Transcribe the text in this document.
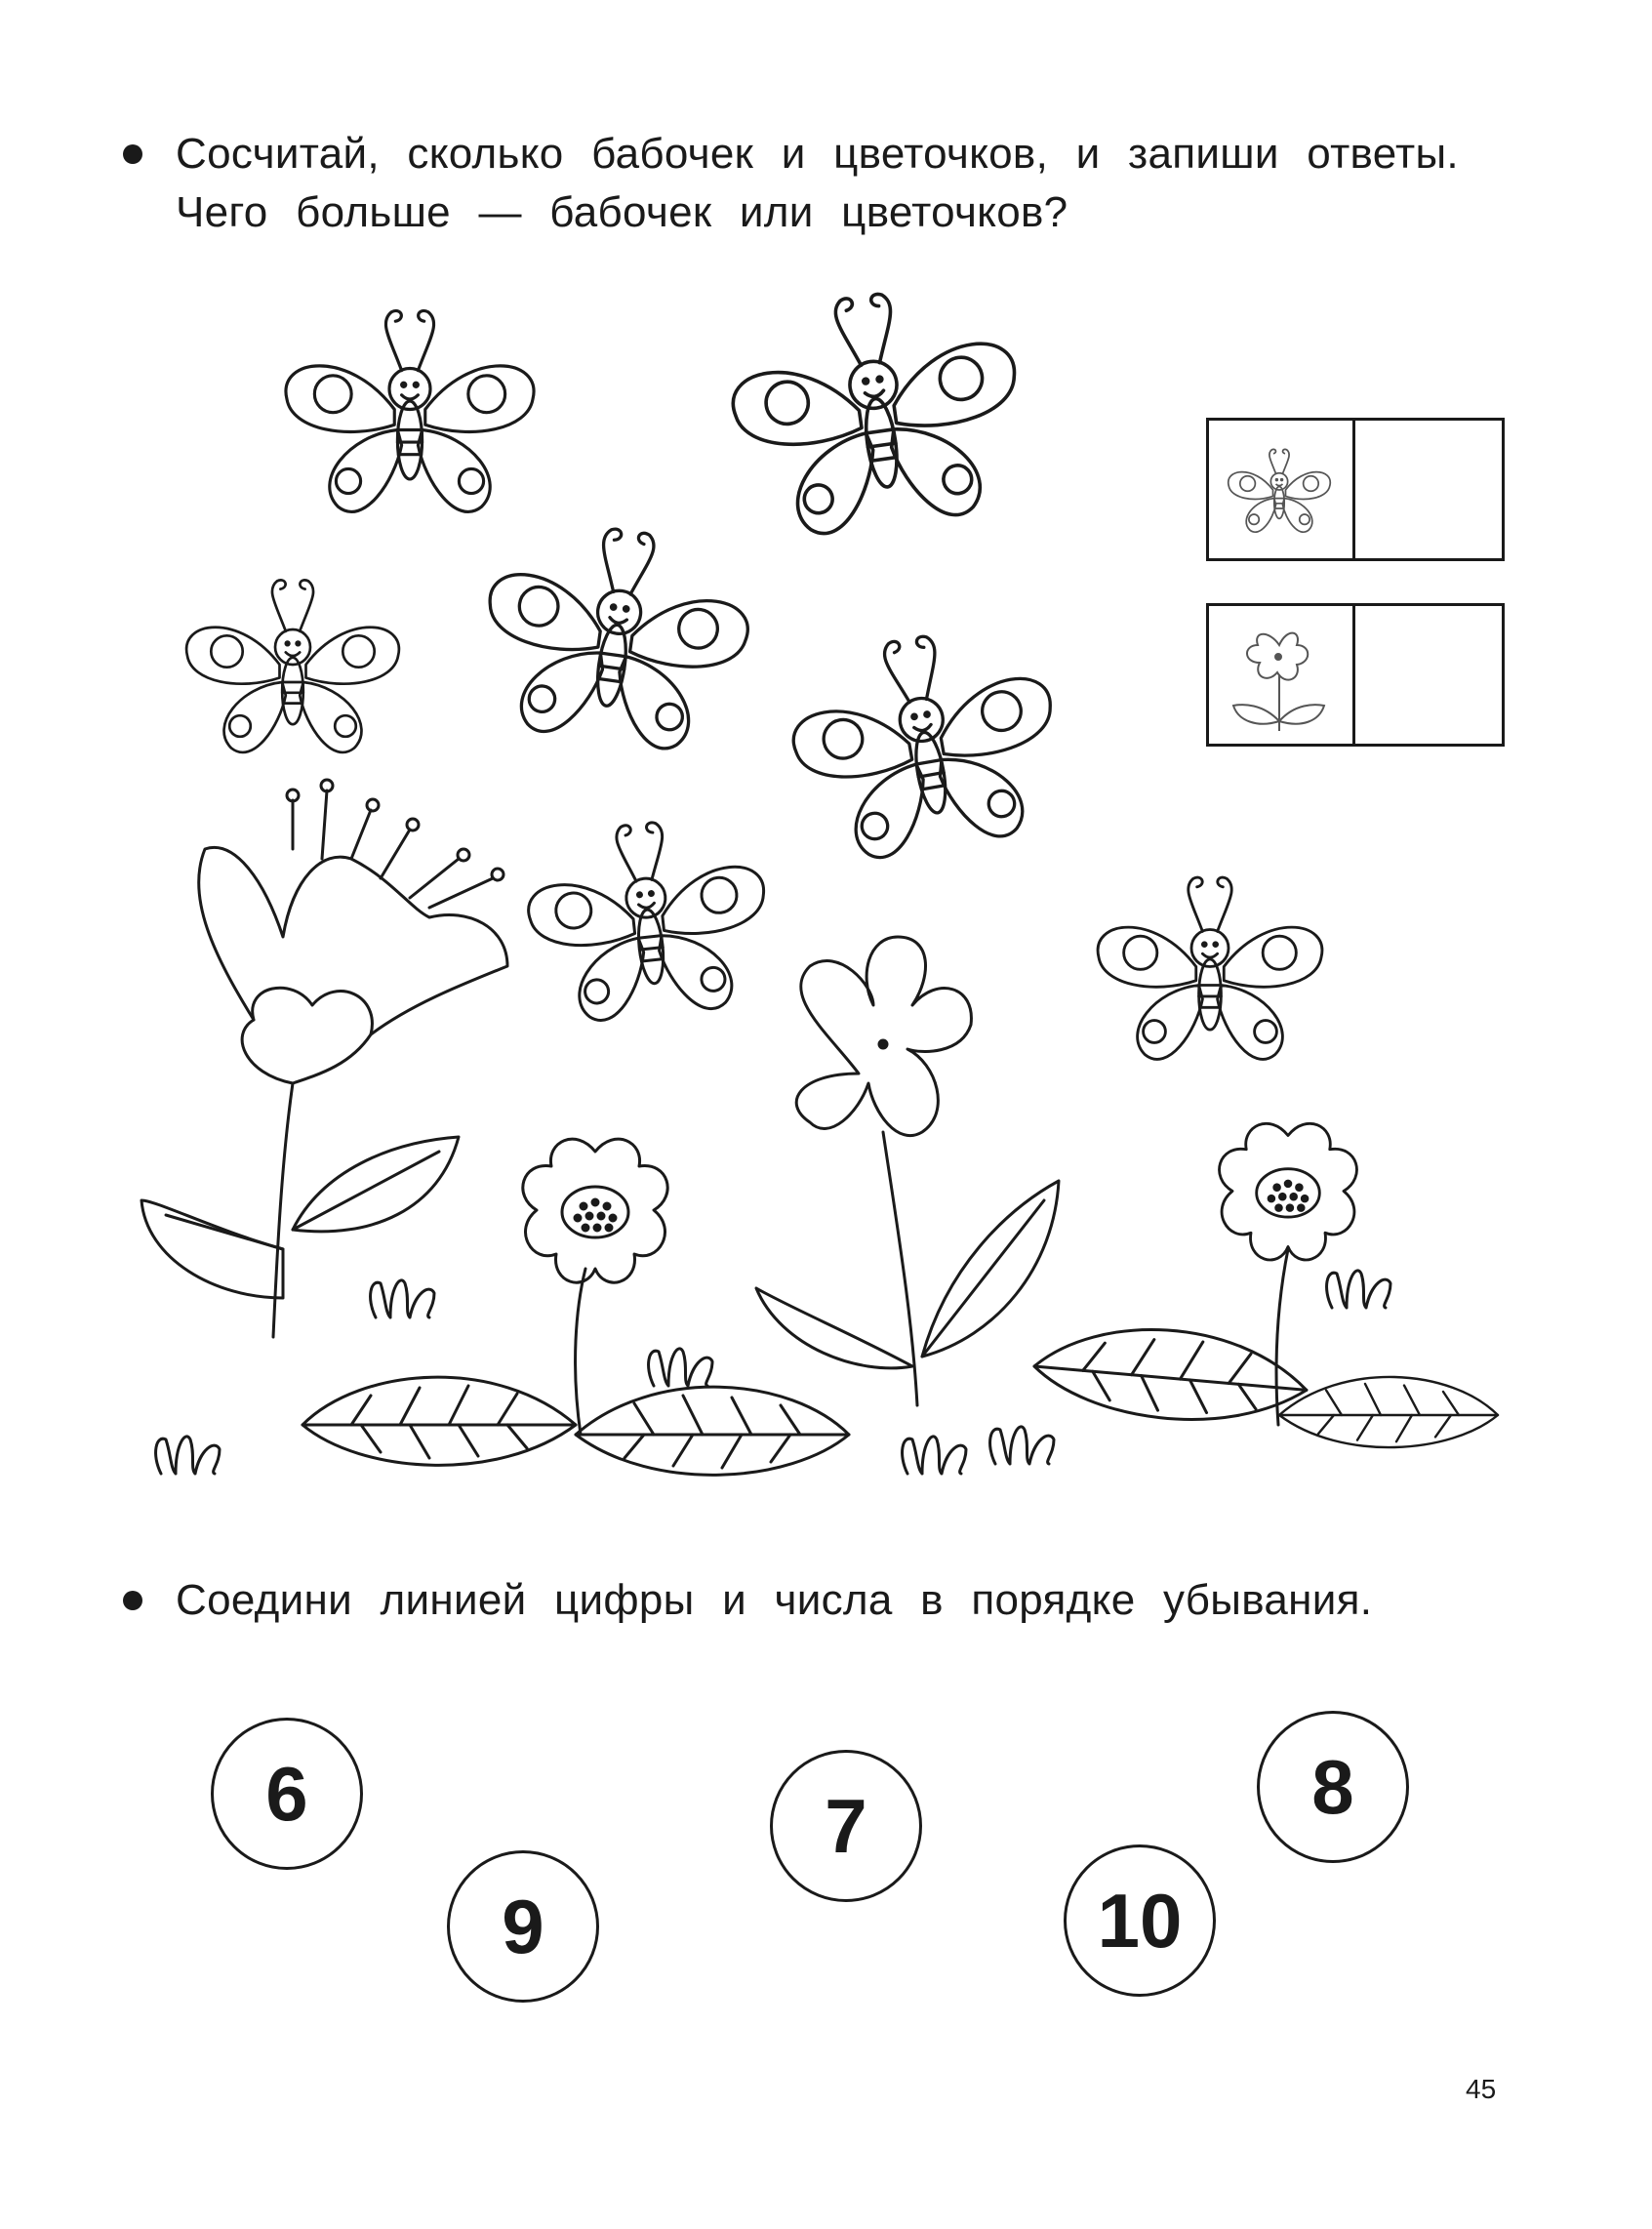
Сосчитай, сколько бабочек и цветочков, и запиши ответы. Чего больше — бабочек или цветочков?
Соедини линией цифры и числа в порядке убывания.
6
9
7
10
8
45
